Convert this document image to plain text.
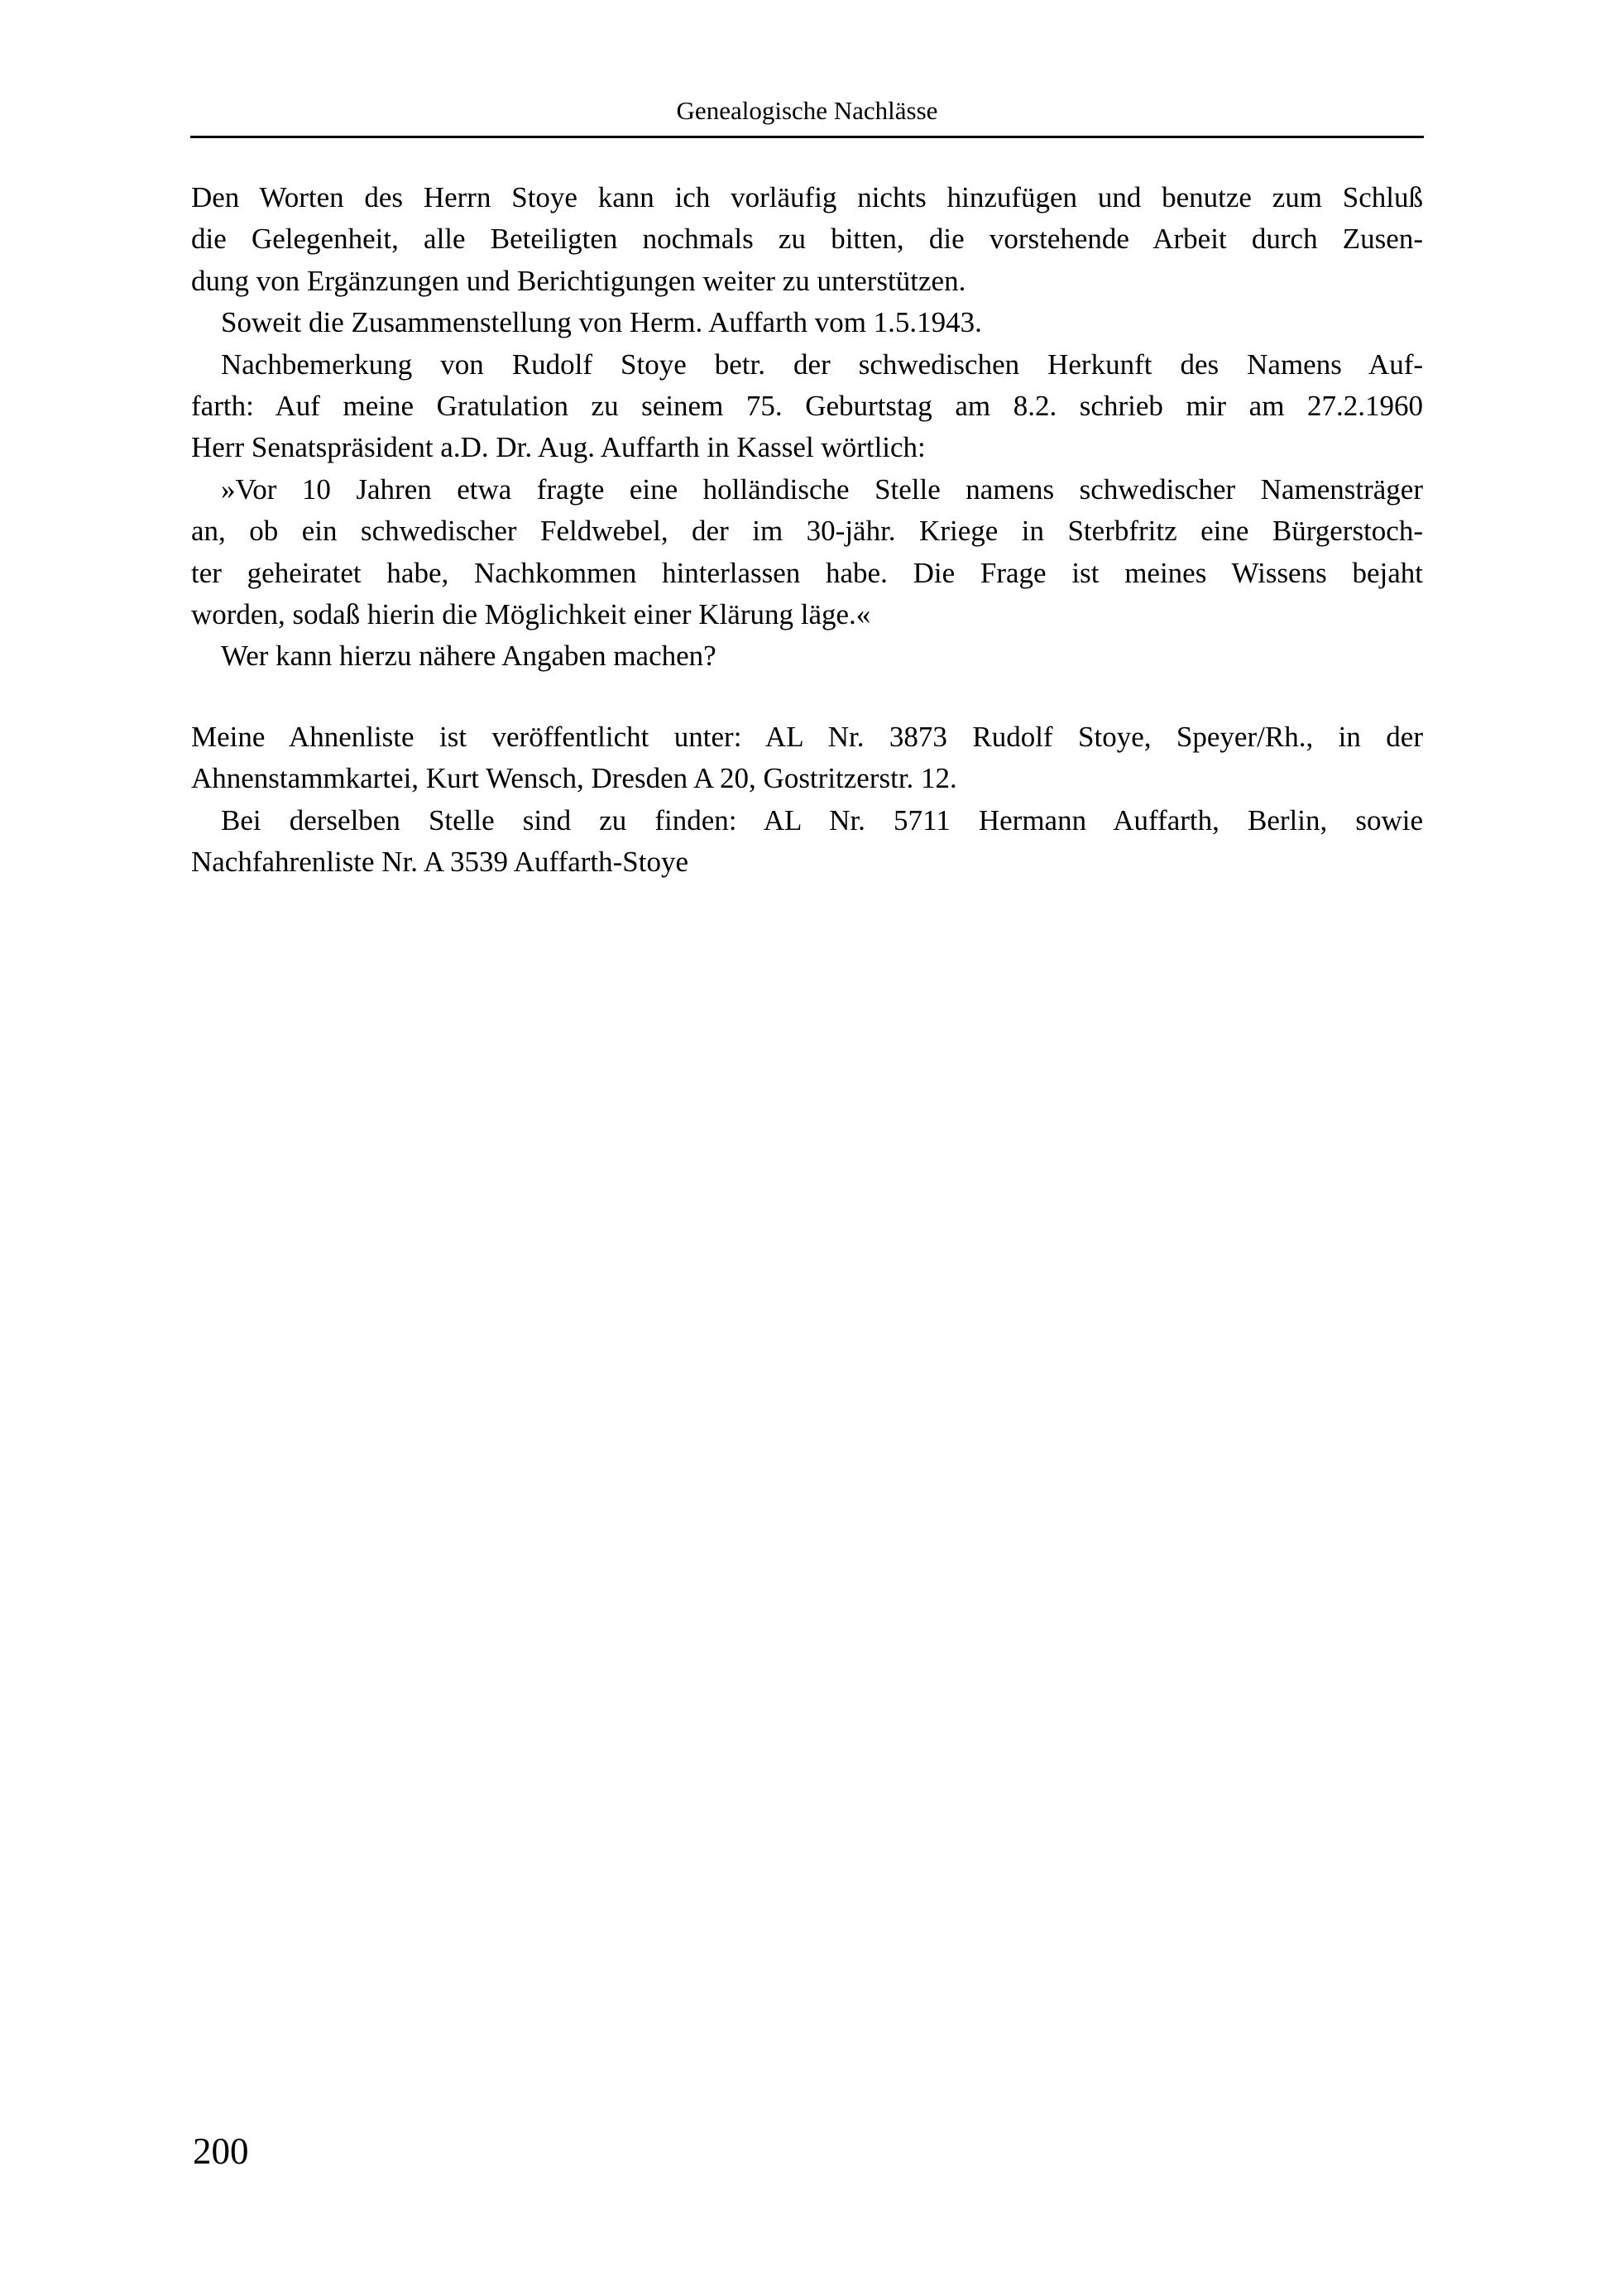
Genealogische Nachlässe
Den Worten des Herrn Stoye kann ich vorläufig nichts hinzufügen und benutze zum Schluß
die Gelegenheit, alle Beteiligten nochmals zu bitten, die vorstehende Arbeit durch Zusen-
dung von Ergänzungen und Berichtigungen weiter zu unterstützen.
Soweit die Zusammenstellung von Herm. Auffarth vom 1.5.1943.
Nachbemerkung von Rudolf Stoye betr. der schwedischen Herkunft des Namens Auf-
farth: Auf meine Gratulation zu seinem 75. Geburtstag am 8.2. schrieb mir am 27.2.1960
Herr Senatspräsident a.D. Dr. Aug. Auffarth in Kassel wörtlich:
»Vor 10 Jahren etwa fragte eine holländische Stelle namens schwedischer Namensträger
an, ob ein schwedischer Feldwebel, der im 30-jähr. Kriege in Sterbfritz eine Bürgerstoch-
ter geheiratet habe, Nachkommen hinterlassen habe. Die Frage ist meines Wissens bejaht
worden, sodaß hierin die Möglichkeit einer Klärung läge.«
Wer kann hierzu nähere Angaben machen?
Meine Ahnenliste ist veröffentlicht unter: AL Nr. 3873 Rudolf Stoye, Speyer/Rh., in der
Ahnenstammkartei, Kurt Wensch, Dresden A 20, Gostritzerstr. 12.
Bei derselben Stelle sind zu finden: AL Nr. 5711 Hermann Auffarth, Berlin, sowie
Nachfahrenliste Nr. A 3539 Auffarth-Stoye
200
